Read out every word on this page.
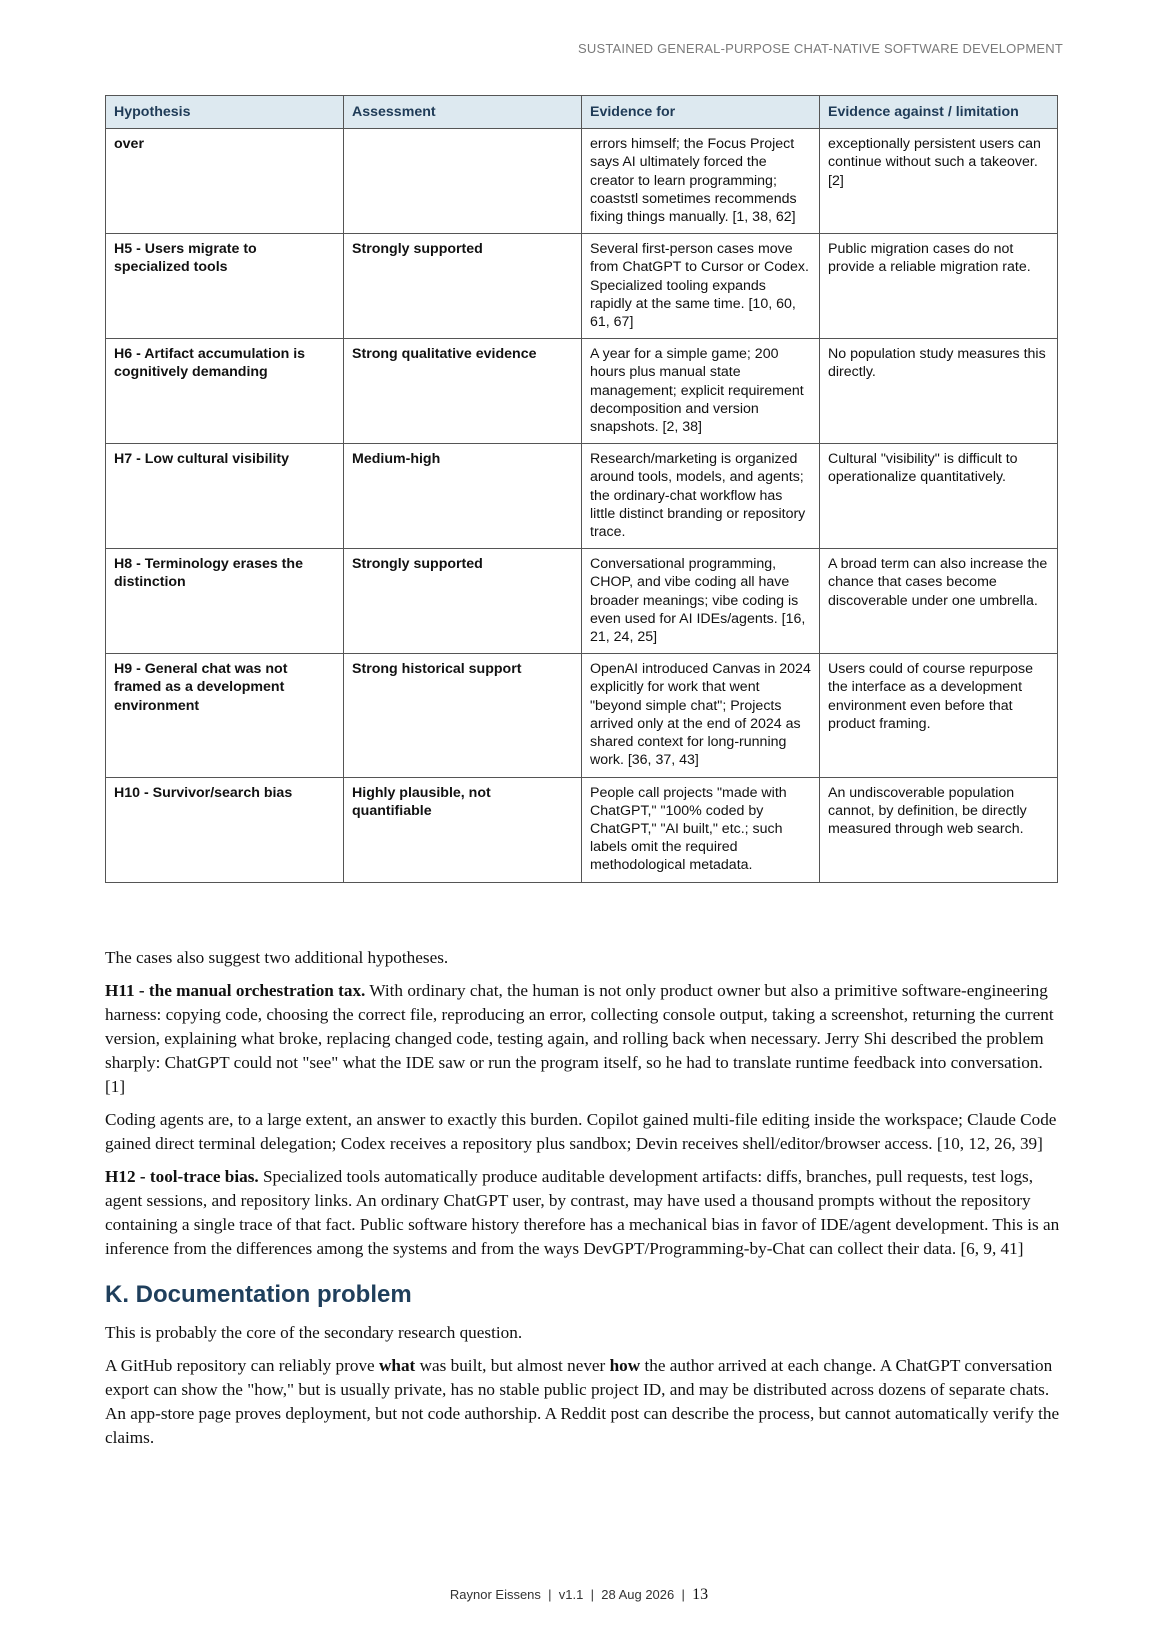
SUSTAINED GENERAL-PURPOSE CHAT-NATIVE SOFTWARE DEVELOPMENT
Hypothesis	Assessment	Evidence for	Evidence against / limitation
over		errors himself; the Focus Project says AI ultimately forced the creator to learn programming; coaststl sometimes recommends fixing things manually. [1, 38, 62]	exceptionally persistent users can continue without such a takeover. [2]
H5 - Users migrate to specialized tools	Strongly supported	Several first-person cases move from ChatGPT to Cursor or Codex. Specialized tooling expands rapidly at the same time. [10, 60, 61, 67]	Public migration cases do not provide a reliable migration rate.
H6 - Artifact accumulation is cognitively demanding	Strong qualitative evidence	A year for a simple game; 200 hours plus manual state management; explicit requirement decomposition and version snapshots. [2, 38]	No population study measures this directly.
H7 - Low cultural visibility	Medium-high	Research/marketing is organized around tools, models, and agents; the ordinary-chat workflow has little distinct branding or repository trace.	Cultural "visibility" is difficult to operationalize quantitatively.
H8 - Terminology erases the distinction	Strongly supported	Conversational programming, CHOP, and vibe coding all have broader meanings; vibe coding is even used for AI IDEs/agents. [16, 21, 24, 25]	A broad term can also increase the chance that cases become discoverable under one umbrella.
H9 - General chat was not framed as a development environment	Strong historical support	OpenAI introduced Canvas in 2024 explicitly for work that went "beyond simple chat"; Projects arrived only at the end of 2024 as shared context for long-running work. [36, 37, 43]	Users could of course repurpose the interface as a development environment even before that product framing.
H10 - Survivor/search bias	Highly plausible, not quantifiable	People call projects "made with ChatGPT," "100% coded by ChatGPT," "AI built," etc.; such labels omit the required methodological metadata.	An undiscoverable population cannot, by definition, be directly measured through web search.

The cases also suggest two additional hypotheses.

H11 - the manual orchestration tax. With ordinary chat, the human is not only product owner but also a primitive software-engineering harness: copying code, choosing the correct file, reproducing an error, collecting console output, taking a screenshot, returning the current version, explaining what broke, replacing changed code, testing again, and rolling back when necessary. Jerry Shi described the problem sharply: ChatGPT could not "see" what the IDE saw or run the program itself, so he had to translate runtime feedback into conversation. [1]

Coding agents are, to a large extent, an answer to exactly this burden. Copilot gained multi-file editing inside the workspace; Claude Code gained direct terminal delegation; Codex receives a repository plus sandbox; Devin receives shell/editor/browser access. [10, 12, 26, 39]

H12 - tool-trace bias. Specialized tools automatically produce auditable development artifacts: diffs, branches, pull requests, test logs, agent sessions, and repository links. An ordinary ChatGPT user, by contrast, may have used a thousand prompts without the repository containing a single trace of that fact. Public software history therefore has a mechanical bias in favor of IDE/agent development. This is an inference from the differences among the systems and from the ways DevGPT/Programming-by-Chat can collect their data. [6, 9, 41]

K. Documentation problem

This is probably the core of the secondary research question.

A GitHub repository can reliably prove what was built, but almost never how the author arrived at each change. A ChatGPT conversation export can show the "how," but is usually private, has no stable public project ID, and may be distributed across dozens of separate chats. An app-store page proves deployment, but not code authorship. A Reddit post can describe the process, but cannot automatically verify the claims.

Raynor Eissens | v1.1 | 28 Aug 2026 | 13
